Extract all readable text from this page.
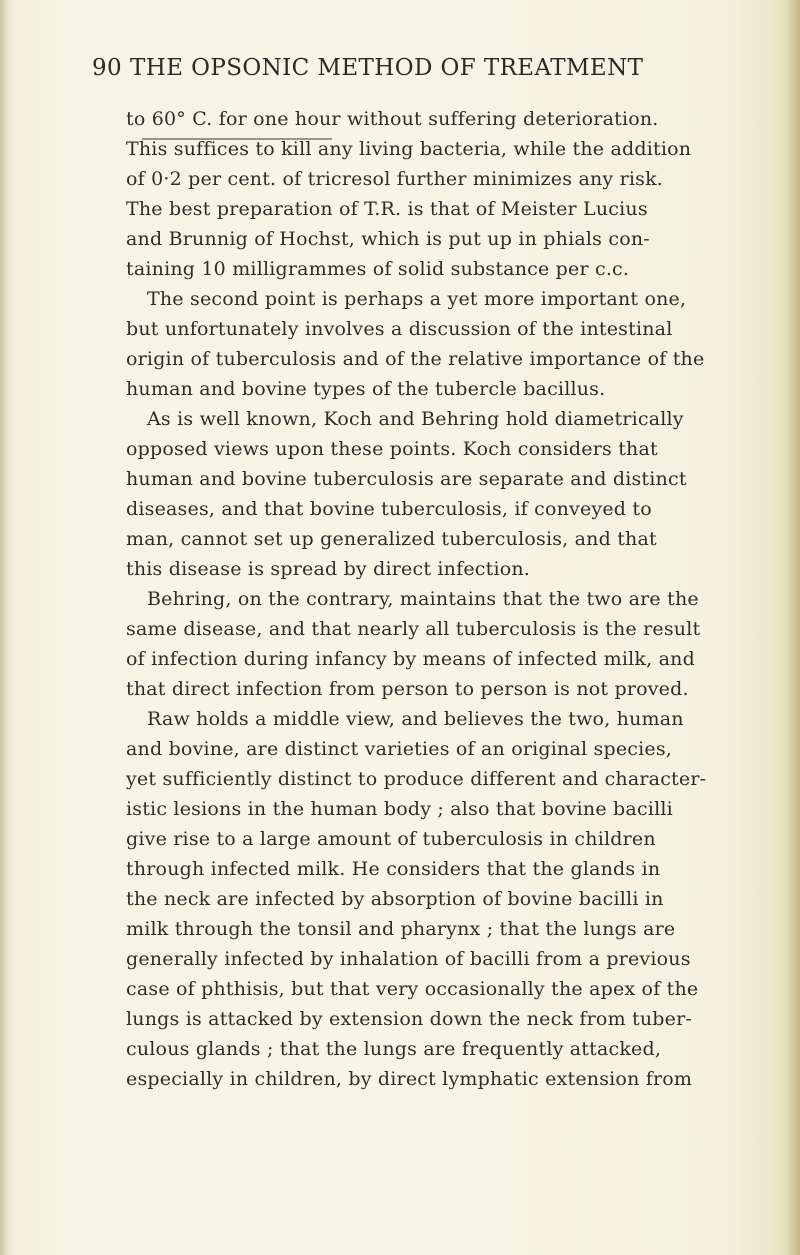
90 THE OPSONIC METHOD OF TREATMENT
to 60° C. for one hour without suffering deterioration.
This suffices to kill any living bacteria, while the addition
of 0·2 per cent. of tricresol further minimizes any risk.
The best preparation of T.R. is that of Meister Lucius
and Brunnig of Hochst, which is put up in phials con-
taining 10 milligrammes of solid substance per c.c.
The second point is perhaps a yet more important one,
but unfortunately involves a discussion of the intestinal
origin of tuberculosis and of the relative importance of the
human and bovine types of the tubercle bacillus.
As is well known, Koch and Behring hold diametrically
opposed views upon these points. Koch considers that
human and bovine tuberculosis are separate and distinct
diseases, and that bovine tuberculosis, if conveyed to
man, cannot set up generalized tuberculosis, and that
this disease is spread by direct infection.
Behring, on the contrary, maintains that the two are the
same disease, and that nearly all tuberculosis is the result
of infection during infancy by means of infected milk, and
that direct infection from person to person is not proved.
Raw holds a middle view, and believes the two, human
and bovine, are distinct varieties of an original species,
yet sufficiently distinct to produce different and character-
istic lesions in the human body ; also that bovine bacilli
give rise to a large amount of tuberculosis in children
through infected milk. He considers that the glands in
the neck are infected by absorption of bovine bacilli in
milk through the tonsil and pharynx ; that the lungs are
generally infected by inhalation of bacilli from a previous
case of phthisis, but that very occasionally the apex of the
lungs is attacked by extension down the neck from tuber-
culous glands ; that the lungs are frequently attacked,
especially in children, by direct lymphatic extension from
